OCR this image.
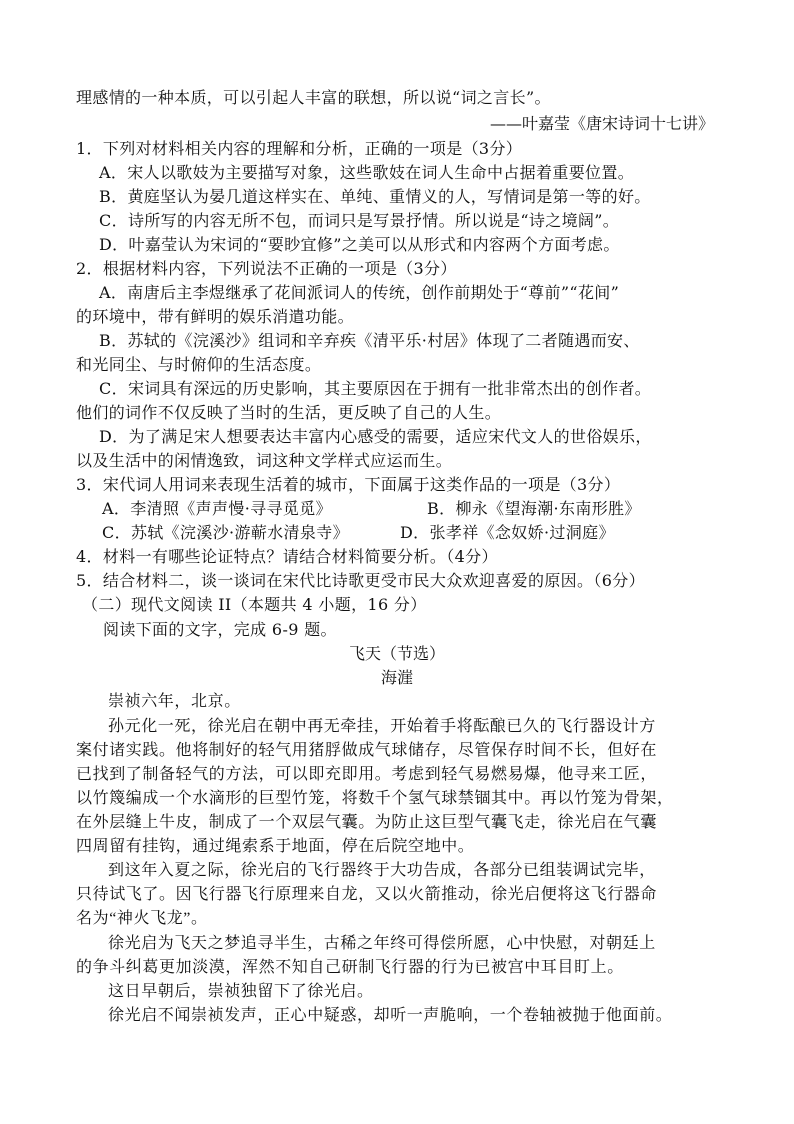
理感情的一种本质，可以引起人丰富的联想，所以说“词之言长”。
——叶嘉莹《唐宋诗词十七讲》
1．下列对材料相关内容的理解和分析，正确的一项是（3分）
A．宋人以歌妓为主要描写对象，这些歌妓在词人生命中占据着重要位置。
B．黄庭坚认为晏几道这样实在、单纯、重情义的人，写情词是第一等的好。
C．诗所写的内容无所不包，而词只是写景抒情。所以说是“诗之境阔”。
D．叶嘉莹认为宋词的“要眇宜修”之美可以从形式和内容两个方面考虑。
2．根据材料内容，下列说法不正确的一项是（3分）
A．南唐后主李煜继承了花间派词人的传统，创作前期处于“尊前”“花间”
的环境中，带有鲜明的娱乐消遣功能。
B．苏轼的《浣溪沙》组词和辛弃疾《清平乐·村居》体现了二者随遇而安、
和光同尘、与时俯仰的生活态度。
C．宋词具有深远的历史影响，其主要原因在于拥有一批非常杰出的创作者。
他们的词作不仅反映了当时的生活，更反映了自己的人生。
D．为了满足宋人想要表达丰富内心感受的需要，适应宋代文人的世俗娱乐，
以及生活中的闲情逸致，词这种文学样式应运而生。
3．宋代词人用词来表现生活着的城市，下面属于这类作品的一项是（3分）
A．李清照《声声慢·寻寻觅觅》	B．柳永《望海潮·东南形胜》
C．苏轼《浣溪沙·游蕲水清泉寺》	D．张孝祥《念奴娇·过洞庭》
4．材料一有哪些论证特点？请结合材料简要分析。（4分）
5．结合材料二，谈一谈词在宋代比诗歌更受市民大众欢迎喜爱的原因。（6分）
（二）现代文阅读 II（本题共 4 小题，16 分）
阅读下面的文字，完成 6-9 题。
飞天（节选）
海漄
崇祯六年，北京。
孙元化一死，徐光启在朝中再无牵挂，开始着手将酝酿已久的飞行器设计方
案付诸实践。他将制好的轻气用猪脬做成气球储存，尽管保存时间不长，但好在
已找到了制备轻气的方法，可以即充即用。考虑到轻气易燃易爆，他寻来工匠，
以竹篾编成一个水滴形的巨型竹笼，将数千个氢气球禁锢其中。再以竹笼为骨架，
在外层缝上牛皮，制成了一个双层气囊。为防止这巨型气囊飞走，徐光启在气囊
四周留有挂钩，通过绳索系于地面，停在后院空地中。
到这年入夏之际，徐光启的飞行器终于大功告成，各部分已组装调试完毕，
只待试飞了。因飞行器飞行原理来自龙，又以火箭推动，徐光启便将这飞行器命
名为“神火飞龙”。
徐光启为飞天之梦追寻半生，古稀之年终可得偿所愿，心中快慰，对朝廷上
的争斗纠葛更加淡漠，浑然不知自己研制飞行器的行为已被宫中耳目盯上。
这日早朝后，崇祯独留下了徐光启。
徐光启不闻崇祯发声，正心中疑惑，却听一声脆响，一个卷轴被抛于他面前。
